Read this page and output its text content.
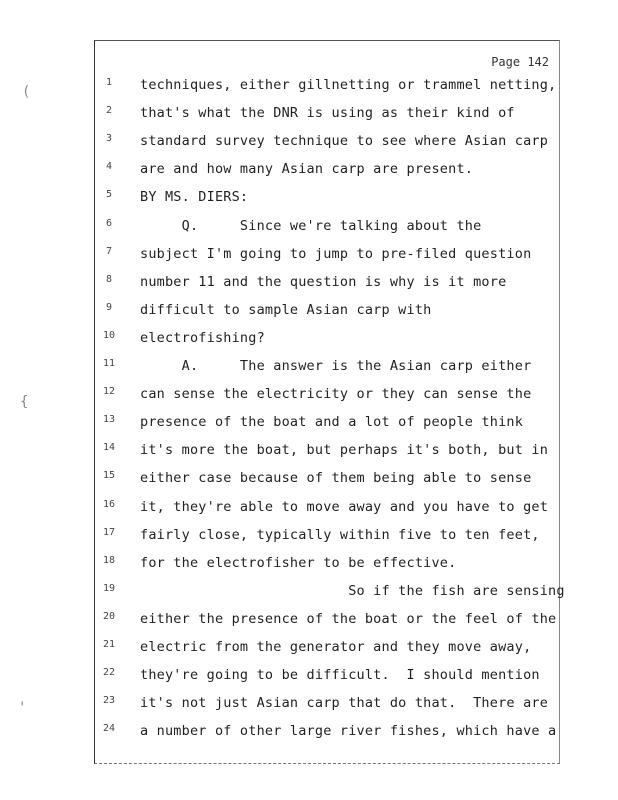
(
{
'
Page 142
1	techniques, either gillnetting or trammel netting,
2	that's what the DNR is using as their kind of
3	standard survey technique to see where Asian carp
4	are and how many Asian carp are present.
5	BY MS. DIERS:
6	Q.     Since we're talking about the
7	subject I'm going to jump to pre-filed question
8	number 11 and the question is why is it more
9	difficult to sample Asian carp with
10 electrofishing?
11 A.     The answer is the Asian carp either
12 can sense the electricity or they can sense the
13 presence of the boat and a lot of people think
14 it's more the boat, but perhaps it's both, but in
15 either case because of them being able to sense
16 it, they're able to move away and you have to get
17 fairly close, typically within five to ten feet,
18 for the electrofisher to be effective.
19 So if the fish are sensing
20 either the presence of the boat or the feel of the
21 electric from the generator and they move away,
22 they're going to be difficult.  I should mention
23 it's not just Asian carp that do that.  There are
24 a number of other large river fishes, which have a
